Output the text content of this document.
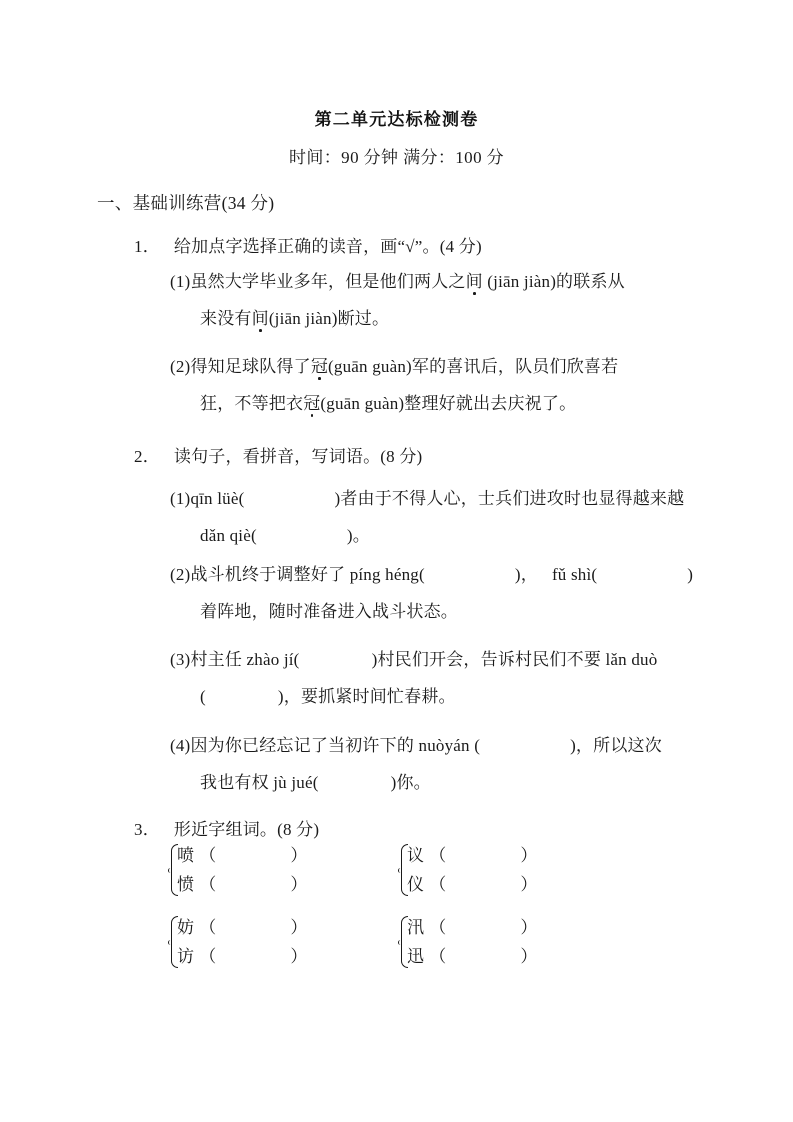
第二单元达标检测卷
时间：90 分钟 满分：100 分
一、基础训练营(34 分)
1． 给加点字选择正确的读音，画“√”。(4 分)
(1)虽然大学毕业多年，但是他们两人之间 (jiān jiàn)的联系从
来没有间(jiān jiàn)断过。
(2)得知足球队得了冠(guān guàn)军的喜讯后，队员们欣喜若
狂，不等把衣冠(guān guàn)整理好就出去庆祝了。
2． 读句子，看拼音，写词语。(8 分)
(1)qīn lüè(	)者由于不得人心，士兵们进攻时也显得越来越
dǎn qiè(	)。
(2)战斗机终于调整好了 píng héng(	)， fǔ shì(	)
着阵地，随时准备进入战斗状态。
(3)村主任 zhào jí(	)村民们开会，告诉村民们不要 lǎn duò
(	)，要抓紧时间忙春耕。
(4)因为你已经忘记了当初许下的 nuòyán (	)，所以这次
我也有权 jù jué(	)你。
3． 形近字组词。(8 分)
喷 （	）
愤 （	）
议 （	）
仪 （	）
妨 （	）
访 （	）
汛 （	）
迅 （	）
